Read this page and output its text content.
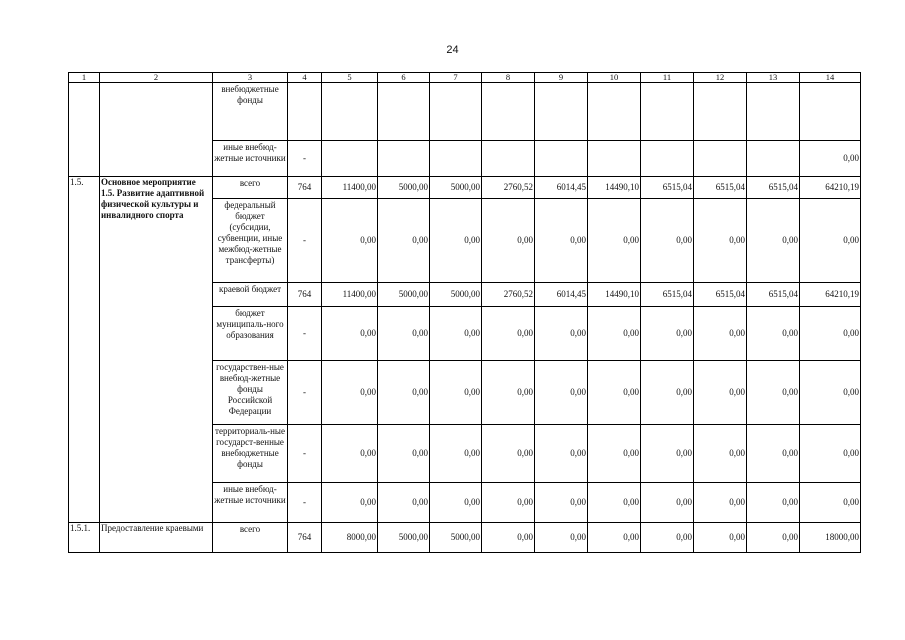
24
1	2	3	4	5	6	7	8	9	10	11	12	13	14
		внебюджетные фонды											
		иные внебюд-жетные источники	-										0,00
1.5.	Основное мероприятие 1.5. Развитие адаптивной физической культуры и инвалидного спорта	всего	764	11400,00	5000,00	5000,00	2760,52	6014,45	14490,10	6515,04	6515,04	6515,04	64210,19
		федеральный бюджет (субсидии, субвенции, иные межбюд-жетные трансферты)	-	0,00	0,00	0,00	0,00	0,00	0,00	0,00	0,00	0,00	0,00
		краевой бюджет	764	11400,00	5000,00	5000,00	2760,52	6014,45	14490,10	6515,04	6515,04	6515,04	64210,19
		бюджет муниципаль-ного образования	-	0,00	0,00	0,00	0,00	0,00	0,00	0,00	0,00	0,00	0,00
		государствен-ные внебюд-жетные фонды Российской Федерации	-	0,00	0,00	0,00	0,00	0,00	0,00	0,00	0,00	0,00	0,00
		территориаль-ные государст-венные внебюджетные фонды	-	0,00	0,00	0,00	0,00	0,00	0,00	0,00	0,00	0,00	0,00
		иные внебюд-жетные источники	-	0,00	0,00	0,00	0,00	0,00	0,00	0,00	0,00	0,00	0,00
1.5.1.	Предоставление краевыми	всего	764	8000,00	5000,00	5000,00	0,00	0,00	0,00	0,00	0,00	0,00	18000,00
